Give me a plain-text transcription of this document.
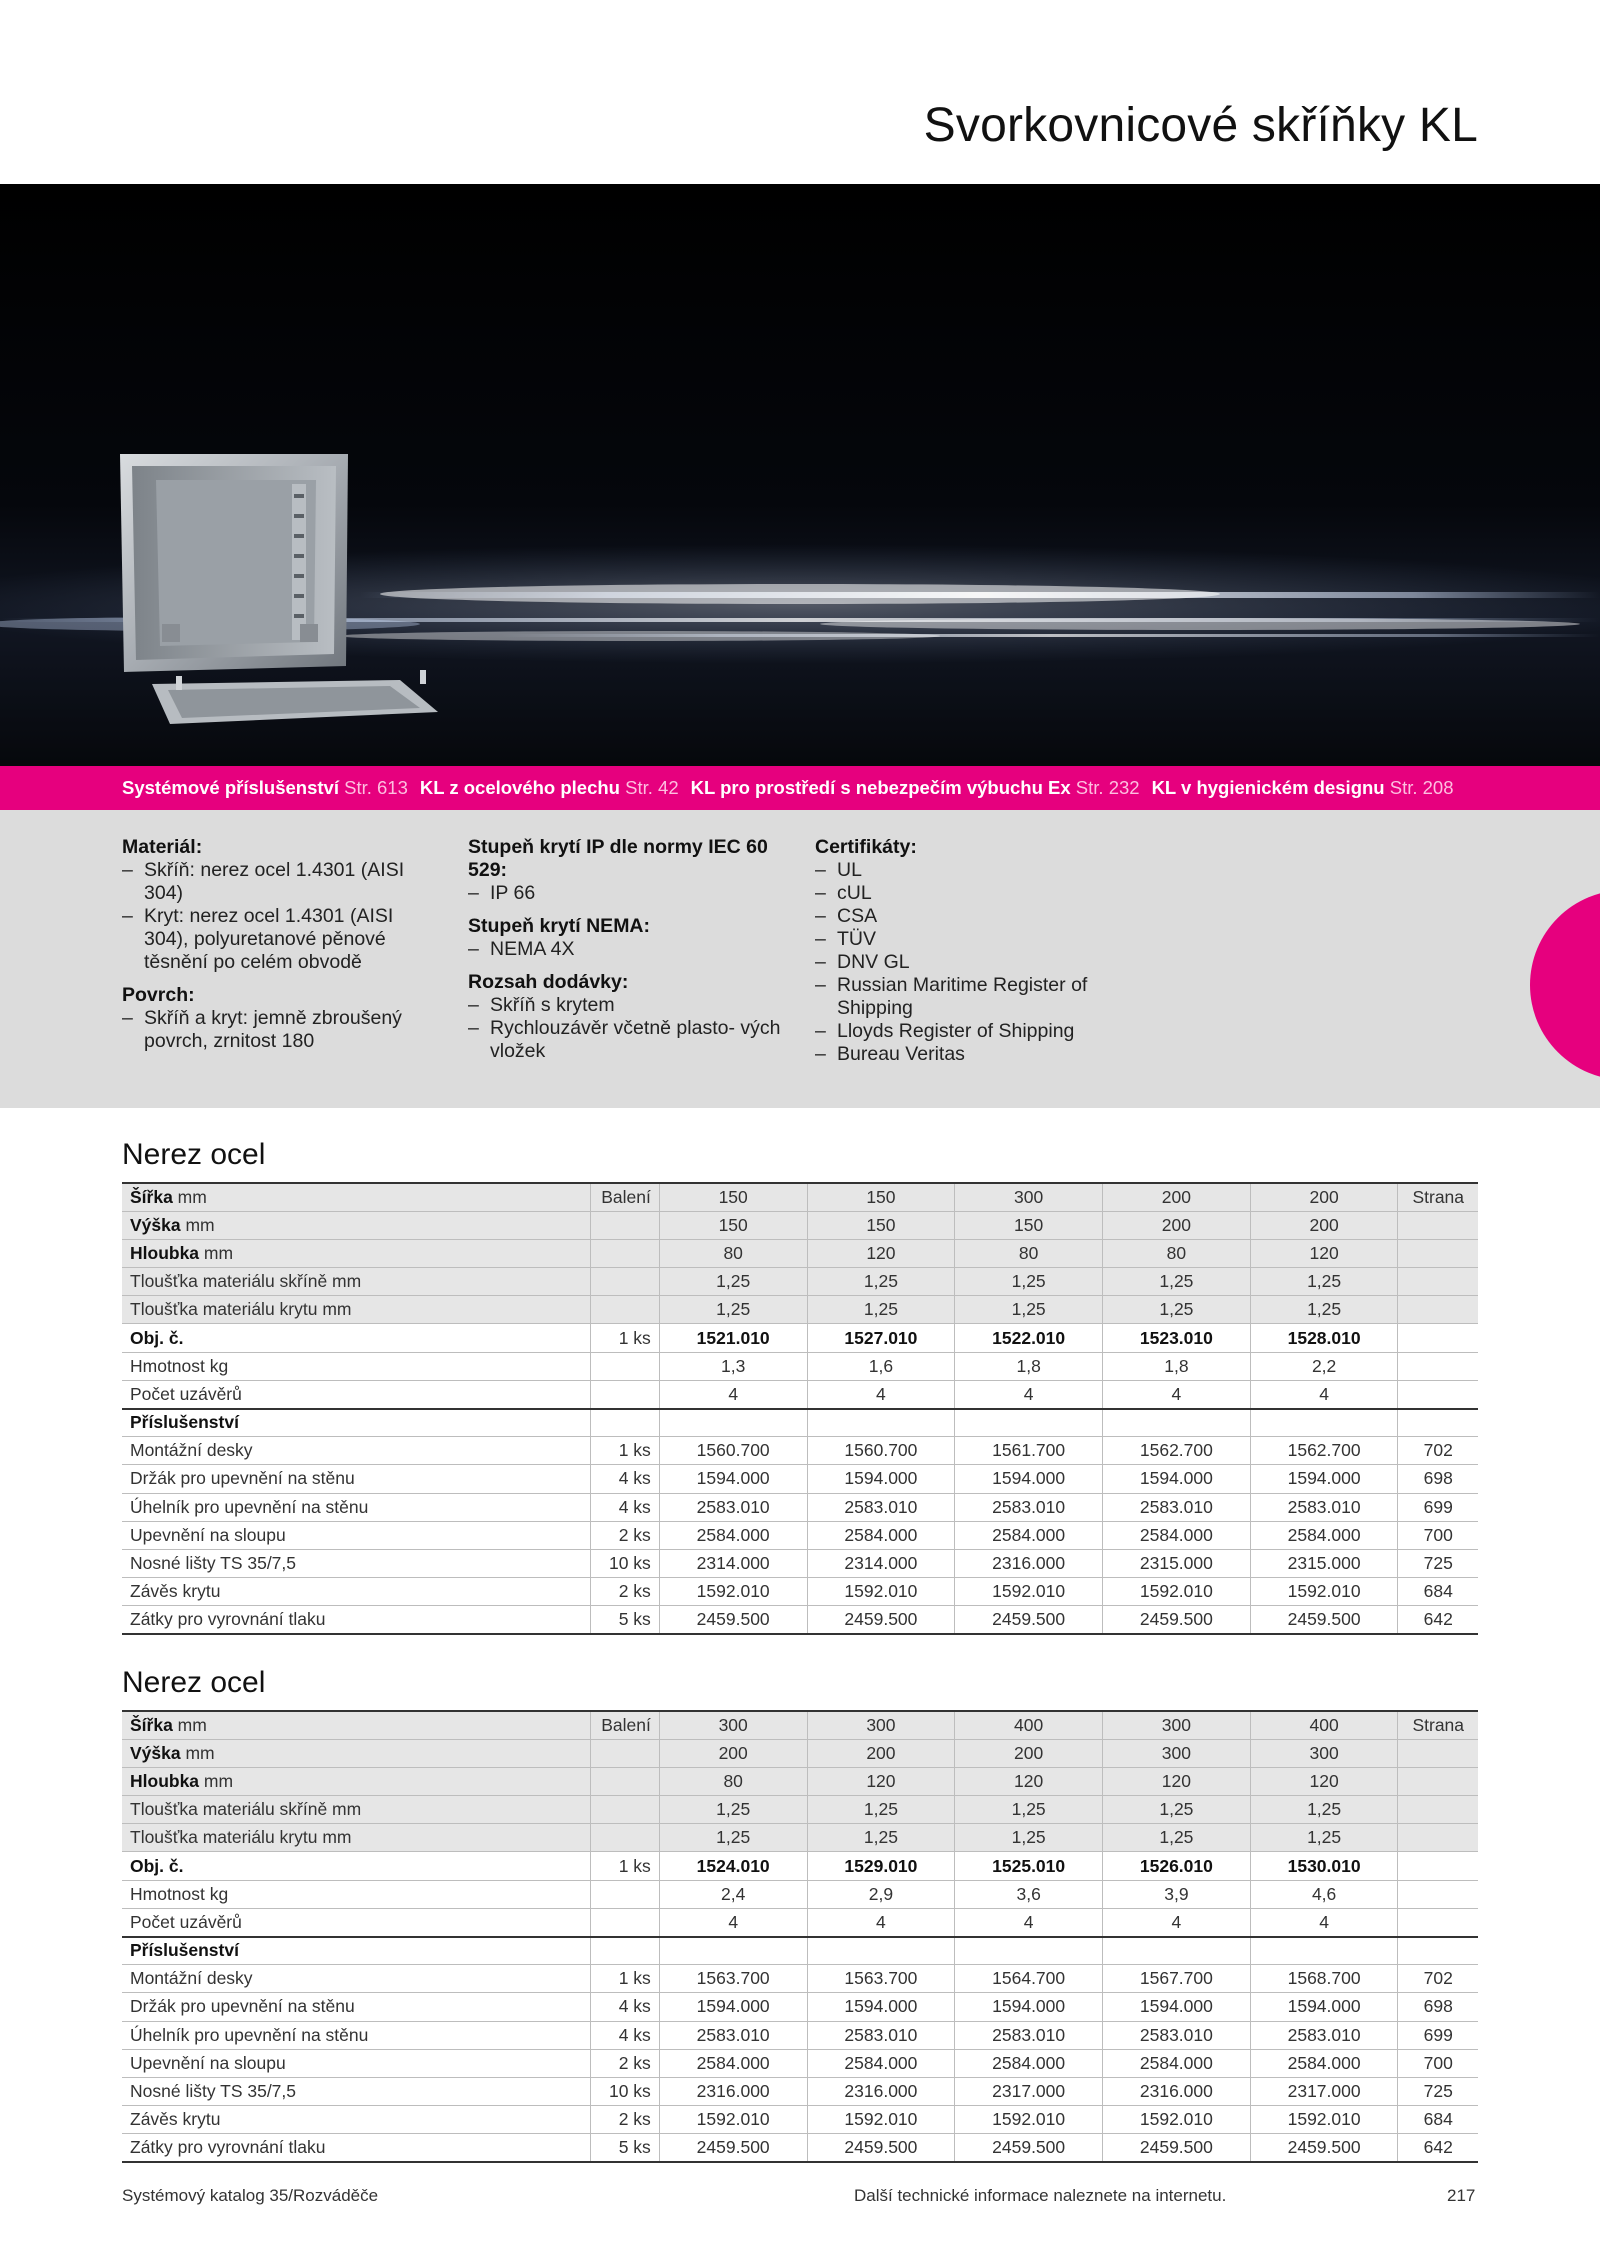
Svorkovnicové skříňky KL
Systémové příslušenství Str. 613 KL z ocelového plechu Str. 42 KL pro prostředí s nebezpečím výbuchu Ex Str. 232 KL v hygienickém designu Str. 208
Materiál:
– Skříň: nerez ocel 1.4301 (AISI 304)
– Kryt: nerez ocel 1.4301 (AISI 304), polyuretanové pěnové těsnění po celém obvodě
Povrch:
– Skříň a kryt: jemně zbroušený povrch, zrnitost 180
Stupeň krytí IP dle normy IEC 60 529:
– IP 66
Stupeň krytí NEMA:
– NEMA 4X
Rozsah dodávky:
– Skříň s krytem
– Rychlouzávěr včetně plasto- vých vložek
Certifikáty:
– UL
– cUL
– CSA
– TÜV
– DNV GL
– Russian Maritime Register of Shipping
– Lloyds Register of Shipping
– Bureau Veritas
Nerez ocel
Šířka mm	Balení	150	150	300	200	200	Strana
Výška mm		150	150	150	200	200	
Hloubka mm		80	120	80	80	120	
Tloušťka materiálu skříně mm		1,25	1,25	1,25	1,25	1,25	
Tloušťka materiálu krytu mm		1,25	1,25	1,25	1,25	1,25	
Obj. č.	1 ks	1521.010	1527.010	1522.010	1523.010	1528.010	
Hmotnost kg		1,3	1,6	1,8	1,8	2,2	
Počet uzávěrů		4	4	4	4	4	
Příslušenství							
Montážní desky	1 ks	1560.700	1560.700	1561.700	1562.700	1562.700	702
Držák pro upevnění na stěnu	4 ks	1594.000	1594.000	1594.000	1594.000	1594.000	698
Úhelník pro upevnění na stěnu	4 ks	2583.010	2583.010	2583.010	2583.010	2583.010	699
Upevnění na sloupu	2 ks	2584.000	2584.000	2584.000	2584.000	2584.000	700
Nosné lišty TS 35/7,5	10 ks	2314.000	2314.000	2316.000	2315.000	2315.000	725
Závěs krytu	2 ks	1592.010	1592.010	1592.010	1592.010	1592.010	684
Zátky pro vyrovnání tlaku	5 ks	2459.500	2459.500	2459.500	2459.500	2459.500	642
Nerez ocel
Šířka mm	Balení	300	300	400	300	400	Strana
Výška mm		200	200	200	300	300	
Hloubka mm		80	120	120	120	120	
Tloušťka materiálu skříně mm		1,25	1,25	1,25	1,25	1,25	
Tloušťka materiálu krytu mm		1,25	1,25	1,25	1,25	1,25	
Obj. č.	1 ks	1524.010	1529.010	1525.010	1526.010	1530.010	
Hmotnost kg		2,4	2,9	3,6	3,9	4,6	
Počet uzávěrů		4	4	4	4	4	
Příslušenství							
Montážní desky	1 ks	1563.700	1563.700	1564.700	1567.700	1568.700	702
Držák pro upevnění na stěnu	4 ks	1594.000	1594.000	1594.000	1594.000	1594.000	698
Úhelník pro upevnění na stěnu	4 ks	2583.010	2583.010	2583.010	2583.010	2583.010	699
Upevnění na sloupu	2 ks	2584.000	2584.000	2584.000	2584.000	2584.000	700
Nosné lišty TS 35/7,5	10 ks	2316.000	2316.000	2317.000	2316.000	2317.000	725
Závěs krytu	2 ks	1592.010	1592.010	1592.010	1592.010	1592.010	684
Zátky pro vyrovnání tlaku	5 ks	2459.500	2459.500	2459.500	2459.500	2459.500	642
Systémový katalog 35/Rozváděče	Další technické informace naleznete na internetu.	217
